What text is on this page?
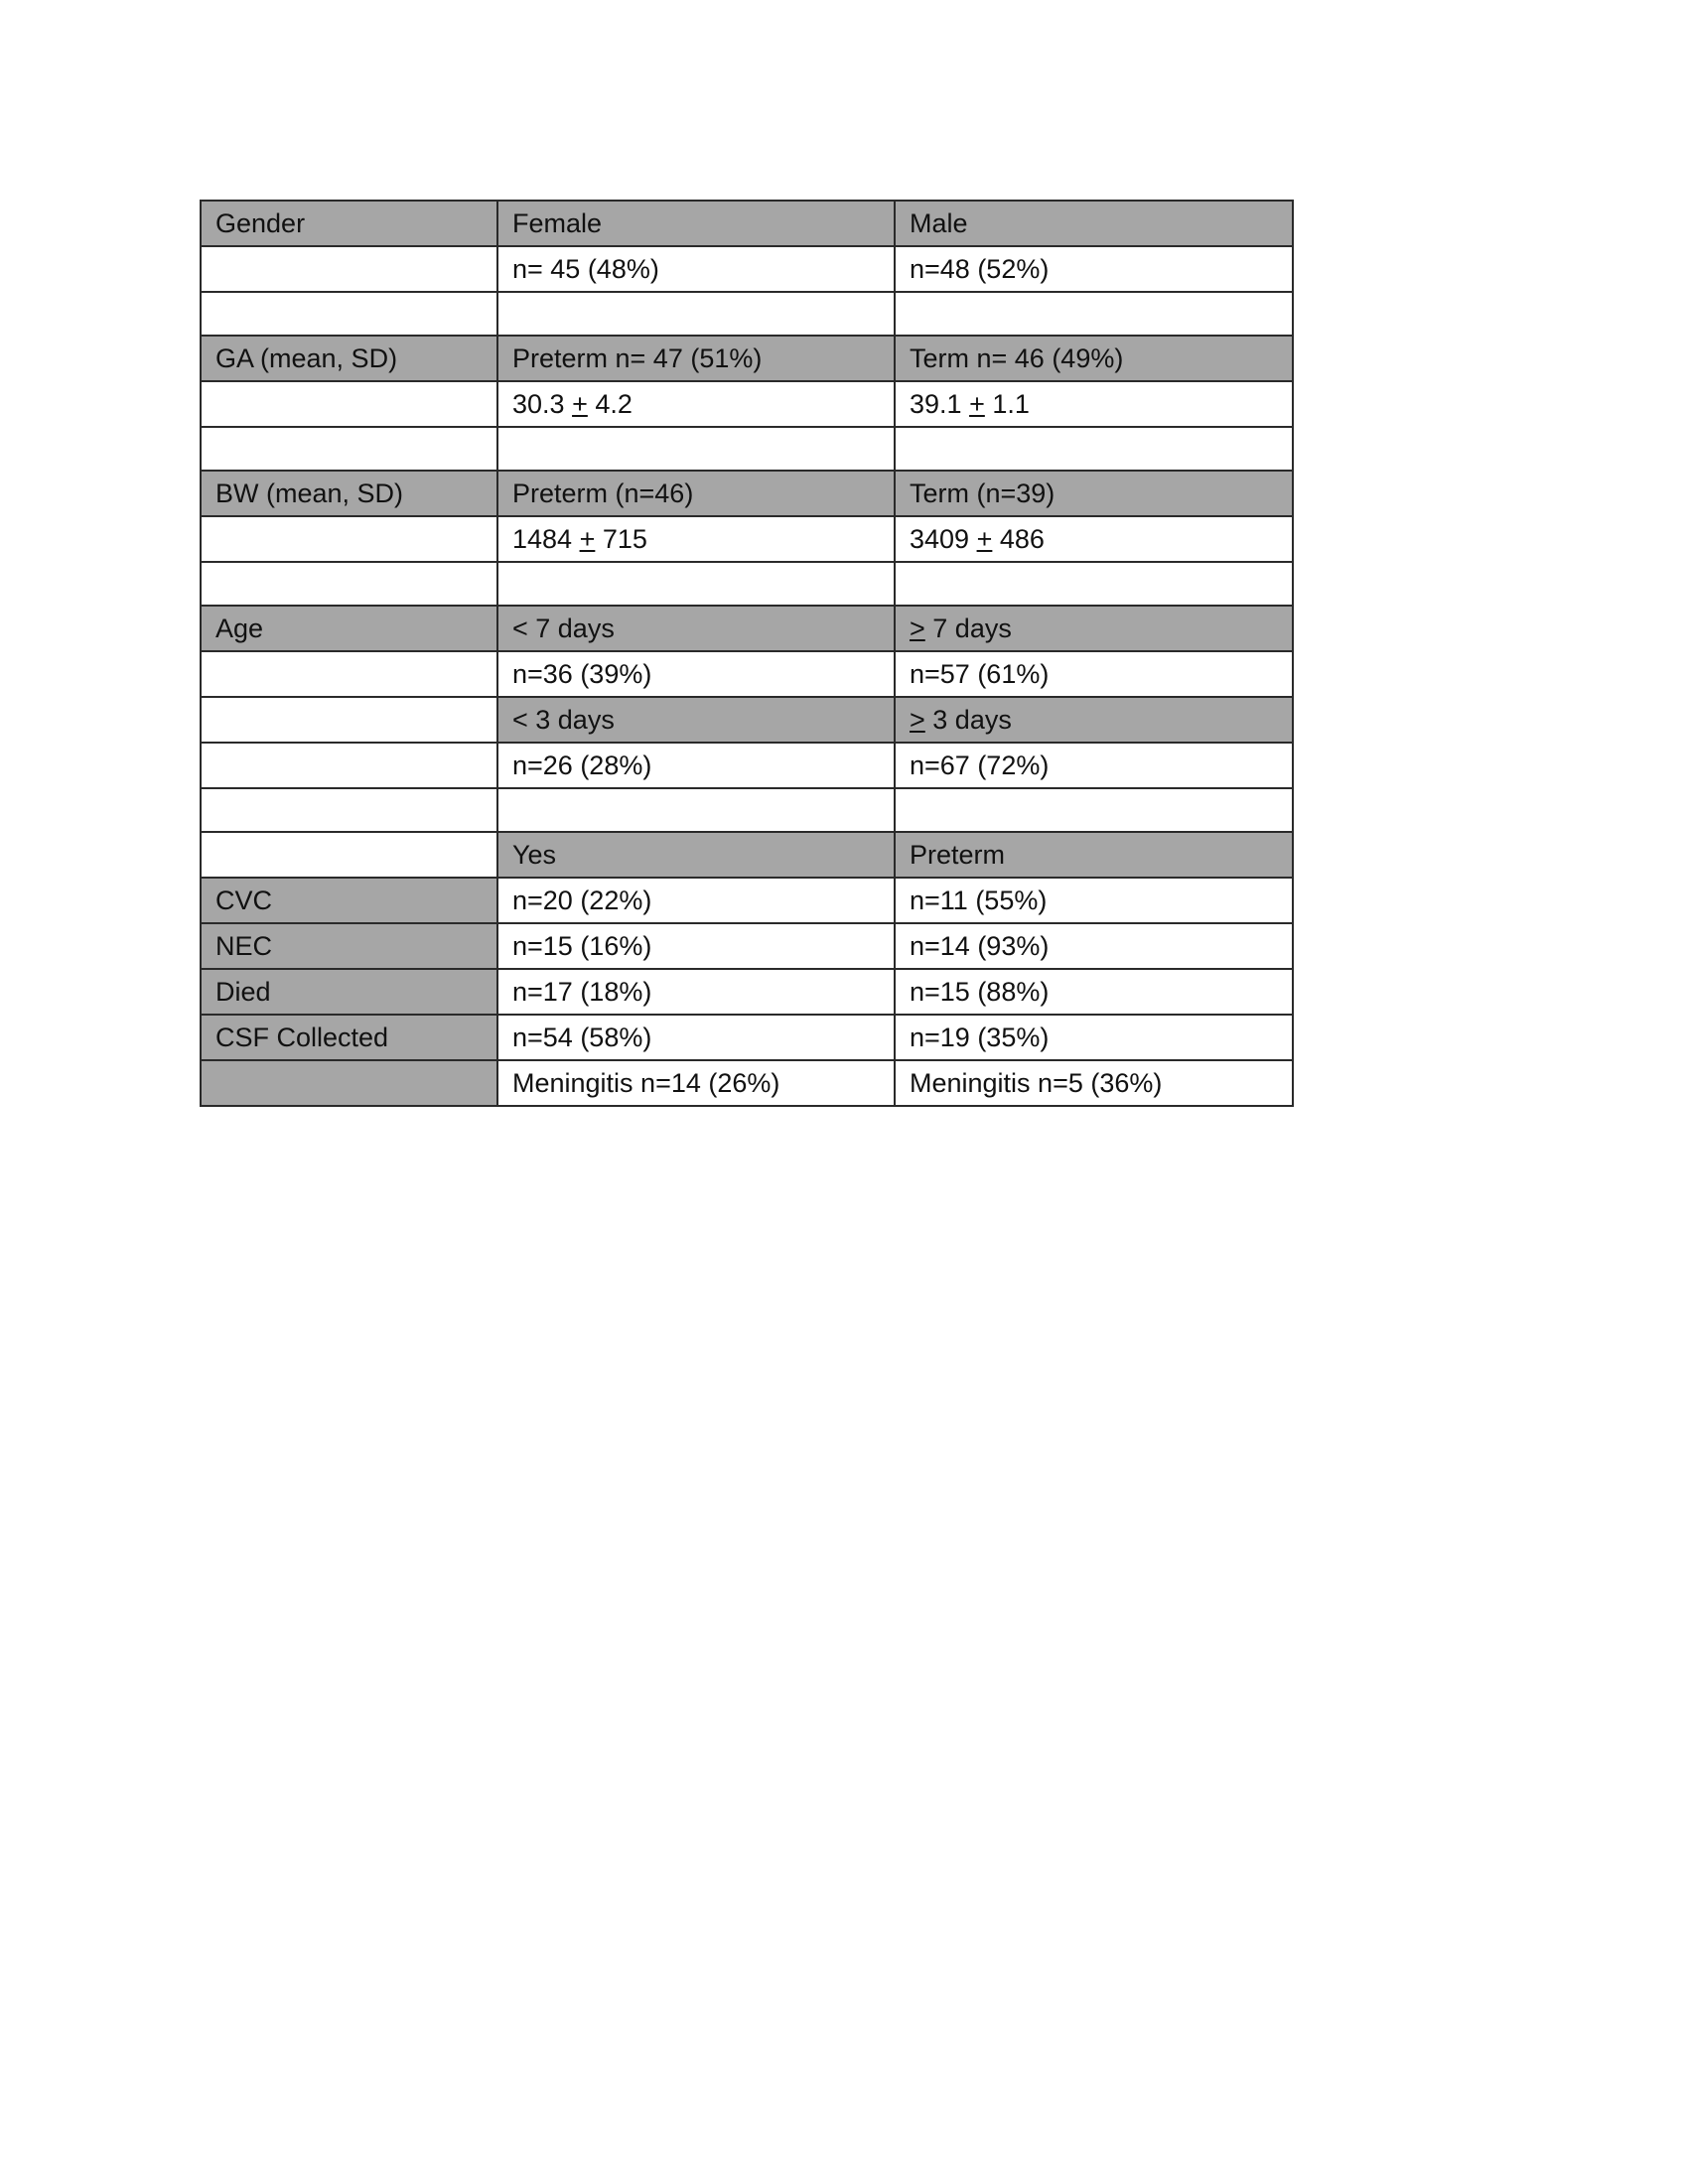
Gender	Female	Male
	n= 45 (48%)	n=48 (52%)

GA (mean, SD)	Preterm n= 47 (51%)	Term n= 46 (49%)
	30.3 + 4.2	39.1 + 1.1

BW (mean, SD)	Preterm (n=46)	Term (n=39)
	1484 + 715	3409 + 486

Age	< 7 days	> 7 days
	n=36 (39%)	n=57 (61%)
	< 3 days	> 3 days
	n=26 (28%)	n=67 (72%)

	Yes	Preterm
CVC	n=20 (22%)	n=11 (55%)
NEC	n=15 (16%)	n=14 (93%)
Died	n=17 (18%)	n=15 (88%)
CSF Collected	n=54 (58%)	n=19 (35%)
	Meningitis n=14 (26%)	Meningitis n=5 (36%)
